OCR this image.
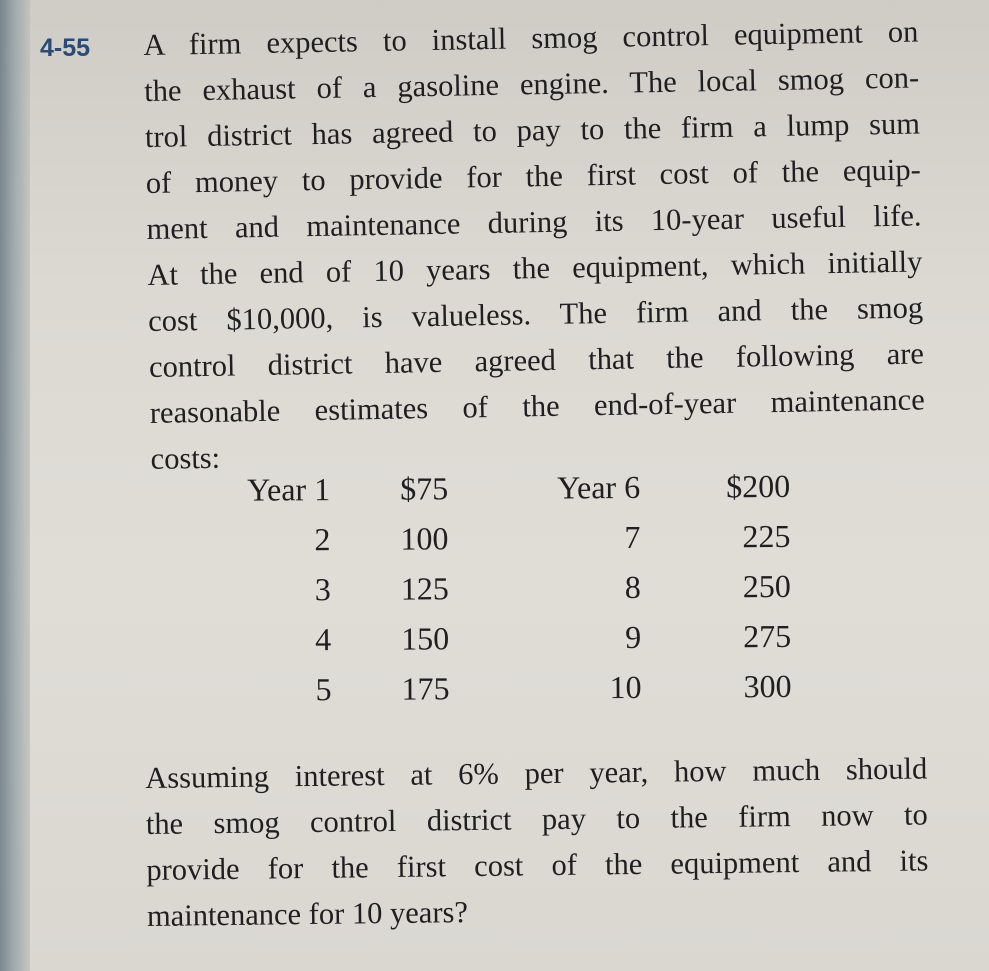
4-55 A firm expects to install smog control equipment on
the exhaust of a gasoline engine. The local smog con-
trol district has agreed to pay to the firm a lump sum
of money to provide for the first cost of the equip-
ment and maintenance during its 10-year useful life.
At the end of 10 years the equipment, which initially
cost $10,000, is valueless. The firm and the smog
control district have agreed that the following are
reasonable estimates of the end-of-year maintenance
costs:
Year 1 $75	Year 6	$200
2 100	7	225
3 125	8	250
4 150	9	275
5 175	10	300
Assuming interest at 6% per year, how much should
the smog control district pay to the firm now to
provide for the first cost of the equipment and its
maintenance for 10 years?
